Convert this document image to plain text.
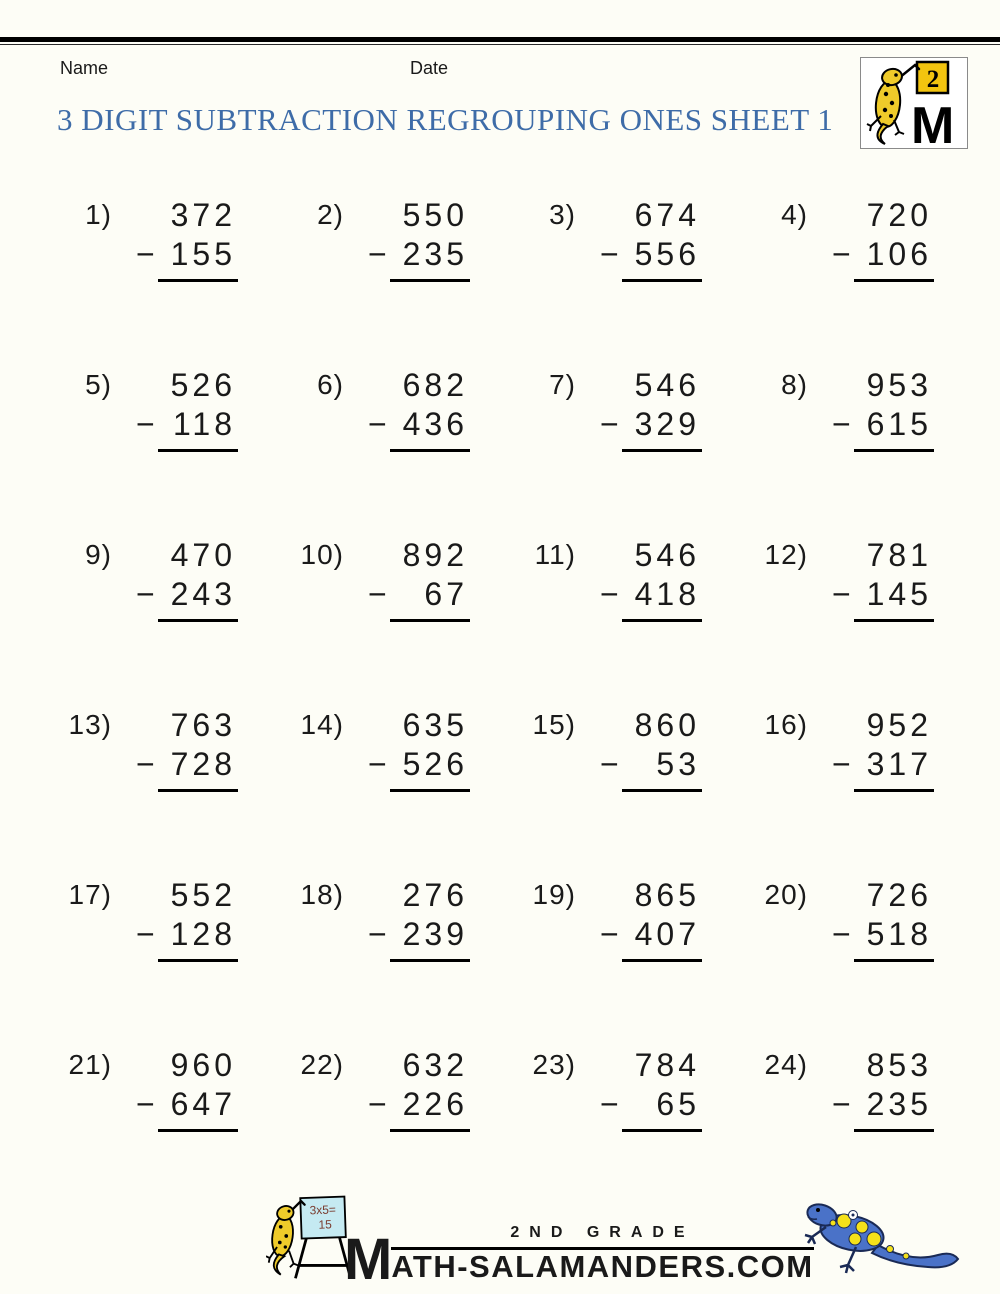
Name	Date	2
M
3 DIGIT SUBTRACTION REGROUPING ONES SHEET 1
1)	372
− 155
2)	550
− 235
3)	674
− 556
4)	720
− 106
5)	526
− 118
6)	682
− 436
7)	546
− 329
8)	953
− 615
9)	470
− 243
10)	892
− 67
11)	546
− 418
12)	781
− 145
13)	763
− 728
14)	635
− 526
15)	860
− 53
16)	952
− 317
17)	552
− 128
18)	276
− 239
19)	865
− 407
20)	726
− 518
21)	960
− 647
22)	632
− 226
23)	784
− 65
24)	853
− 235
3x5=
15
M	2ND GRADE
ATH-SALAMANDERS.COM
